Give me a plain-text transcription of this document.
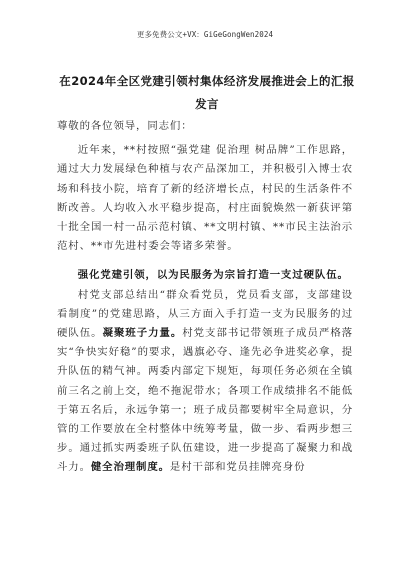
更多免费公文+VX：GiGeGongWen2024
在2024年全区党建引领村集体经济发展推进会上的汇报发言

尊敬的各位领导，同志们：

近年来，**村按照“强党建 促治理 树品牌”工作思路，通过大力发展绿色种植与农产品深加工，并积极引入博士农场和科技小院，培育了新的经济增长点，村民的生活条件不断改善。人均收入水平稳步提高，村庄面貌焕然一新获评第十批全国一村一品示范村镇、**文明村镇、**市民主法治示范村、**市先进村委会等诸多荣誉。

强化党建引领，以为民服务为宗旨打造一支过硬队伍。

村党支部总结出“群众看党员，党员看支部，支部建设看制度”的党建思路，从三方面入手打造一支为民服务的过硬队伍。凝聚班子力量。村党支部书记带领班子成员严格落实“争快实好稳”的要求，遇旗必夺、逢先必争进奖必拿，提升队伍的精气神。两委内部定下规矩，每项任务必须在全镇前三名之前上交，绝不拖泥带水；各项工作成绩排名不能低于第五名后，永远争第一；班子成员都要树牢全局意识，分管的工作要放在全村整体中统筹考量，做一步、看两步想三步。通过抓实两委班子队伍建设，进一步提高了凝聚力和战斗力。健全治理制度。是村干部和党员挂牌亮身份
